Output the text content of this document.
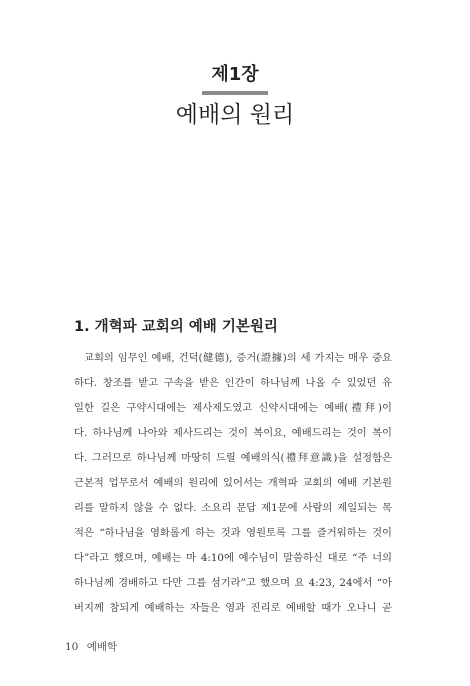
제1장
예배의 원리
1. 개혁파 교회의 예배 기본원리
교회의 임무인 예배, 건덕(健德), 증거(證據)의 세 가지는 매우 중요
하다. 창조를 받고 구속을 받은 인간이 하나님께 나올 수 있었던 유
일한 길은 구약시대에는 제사제도였고 신약시대에는 예배(禮拜)이
다. 하나님께 나아와 제사드리는 것이 복이요, 예배드리는 것이 복이
다. 그러므로 하나님께 마땅히 드릴 예배의식(禮拜意識)을 설정함은
근본적 업무로서 예배의 원리에 있어서는 개혁파 교회의 예배 기본원
리를 말하지 않을 수 없다. 소요리 문답 제1문에 사람의 제일되는 목
적은 “하나님을 영화롭게 하는 것과 영원토록 그를 즐거워하는 것이
다”라고 했으며, 예배는 마 4:10에 예수님이 말씀하신 대로 “주 너의
하나님께 경배하고 다만 그를 섬기라”고 했으며 요 4:23, 24에서 “아
버지께 참되게 예배하는 자들은 영과 진리로 예배할 때가 오나니 곧
10 예배학
